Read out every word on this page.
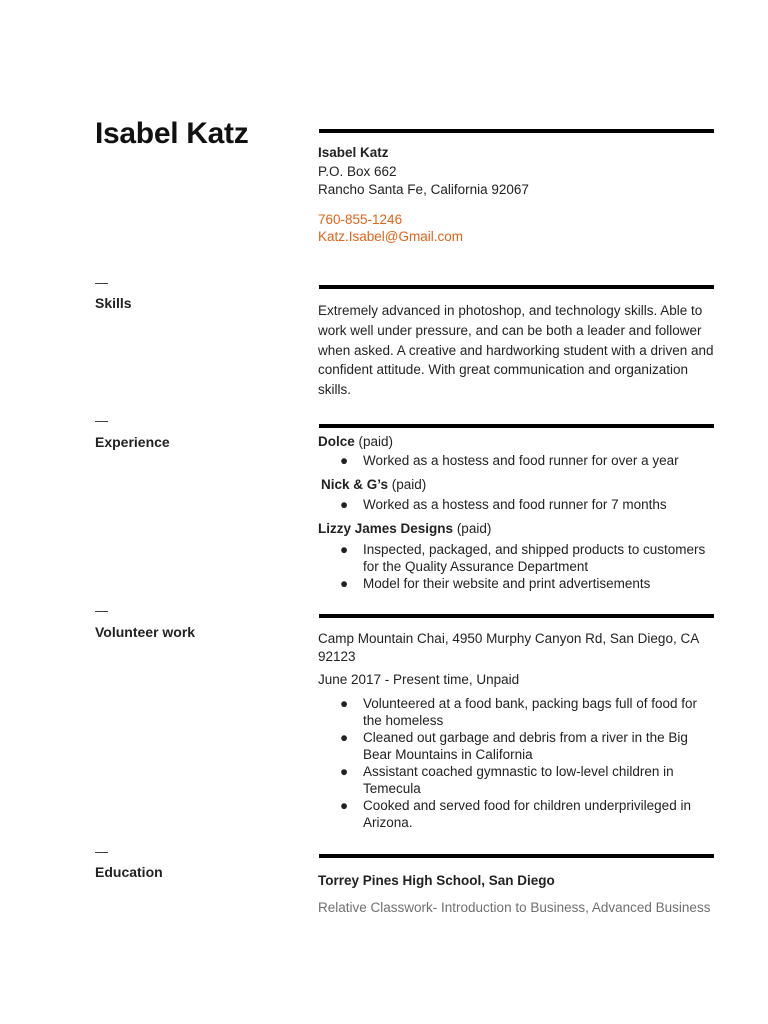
Isabel Katz
Isabel Katz
P.O. Box 662
Rancho Santa Fe, California 92067
760-855-1246
Katz.Isabel@Gmail.com
—
Skills	Extremely advanced in photoshop, and technology skills. Able to work well under pressure, and can be both a leader and follower when asked. A creative and hardworking student with a driven and confident attitude. With great communication and organization skills.
—
Experience	Dolce (paid)
● Worked as a hostess and food runner for over a year
Nick & G’s (paid)
● Worked as a hostess and food runner for 7 months
Lizzy James Designs (paid)
● Inspected, packaged, and shipped products to customers for the Quality Assurance Department
● Model for their website and print advertisements
—
Volunteer work	Camp Mountain Chai, 4950 Murphy Canyon Rd, San Diego, CA 92123
June 2017 - Present time, Unpaid
● Volunteered at a food bank, packing bags full of food for the homeless
● Cleaned out garbage and debris from a river in the Big Bear Mountains in California
● Assistant coached gymnastic to low-level children in Temecula
● Cooked and served food for children underprivileged in Arizona.
—
Education
Torrey Pines High School, San Diego
Relative Classwork- Introduction to Business, Advanced Business
